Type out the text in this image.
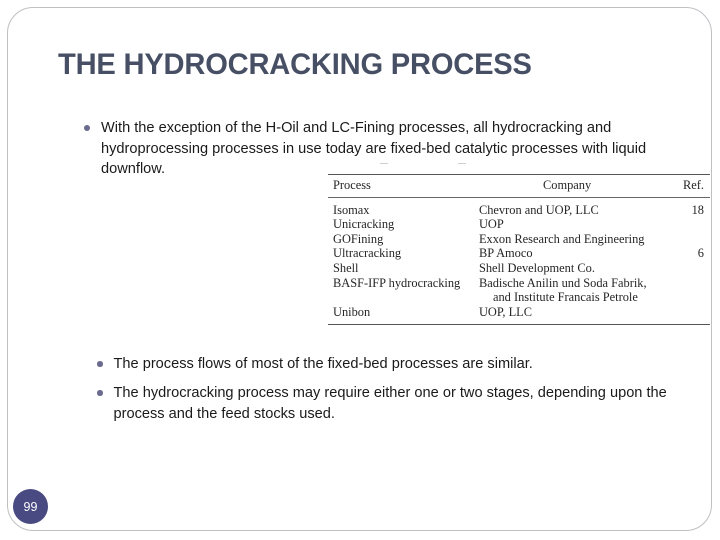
THE HYDROCRACKING PROCESS
With the exception of the H-Oil and LC-Fining processes, all hydrocracking and hydroprocessing processes in use today are fixed-bed catalytic processes with liquid downflow.
Process	Company	Ref.
Isomax	Chevron and UOP, LLC	18
Unicracking	UOP	
GOFining	Exxon Research and Engineering	
Ultracracking	BP Amoco	6
Shell	Shell Development Co.	
BASF-IFP hydrocracking	Badische Anilin und Soda Fabrik,
and Institute Francais Petrole	

Unibon	UOP, LLC	
The process flows of most of the fixed-bed processes are similar.
The hydrocracking process may require either one or two stages, depending upon the process and the feed stocks used.
99
